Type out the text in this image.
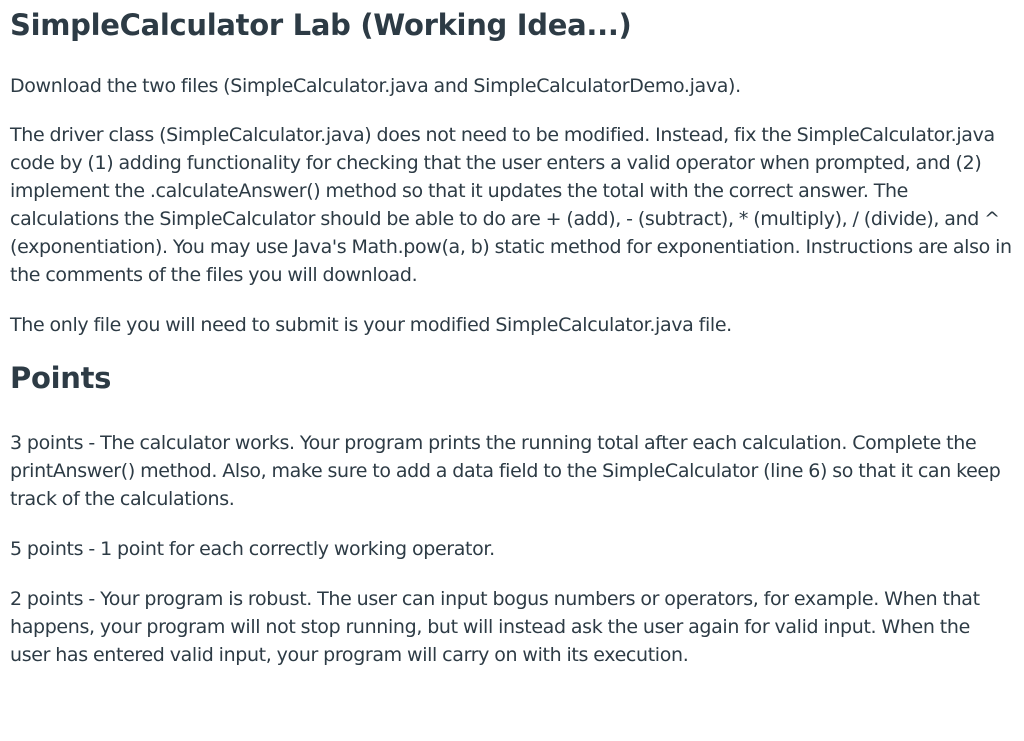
SimpleCalculator Lab (Working Idea...)

Download the two files (SimpleCalculator.java and SimpleCalculatorDemo.java).

The driver class (SimpleCalculator.java) does not need to be modified. Instead, fix the SimpleCalculator.java code by (1) adding functionality for checking that the user enters a valid operator when prompted, and (2) implement the .calculateAnswer() method so that it updates the total with the correct answer. The calculations the SimpleCalculator should be able to do are + (add), - (subtract), * (multiply), / (divide), and ^ (exponentiation). You may use Java's Math.pow(a, b) static method for exponentiation. Instructions are also in the comments of the files you will download.

The only file you will need to submit is your modified SimpleCalculator.java file.

Points

3 points - The calculator works. Your program prints the running total after each calculation. Complete the printAnswer() method. Also, make sure to add a data field to the SimpleCalculator (line 6) so that it can keep track of the calculations.

5 points - 1 point for each correctly working operator.

2 points - Your program is robust. The user can input bogus numbers or operators, for example. When that happens, your program will not stop running, but will instead ask the user again for valid input. When the user has entered valid input, your program will carry on with its execution.
